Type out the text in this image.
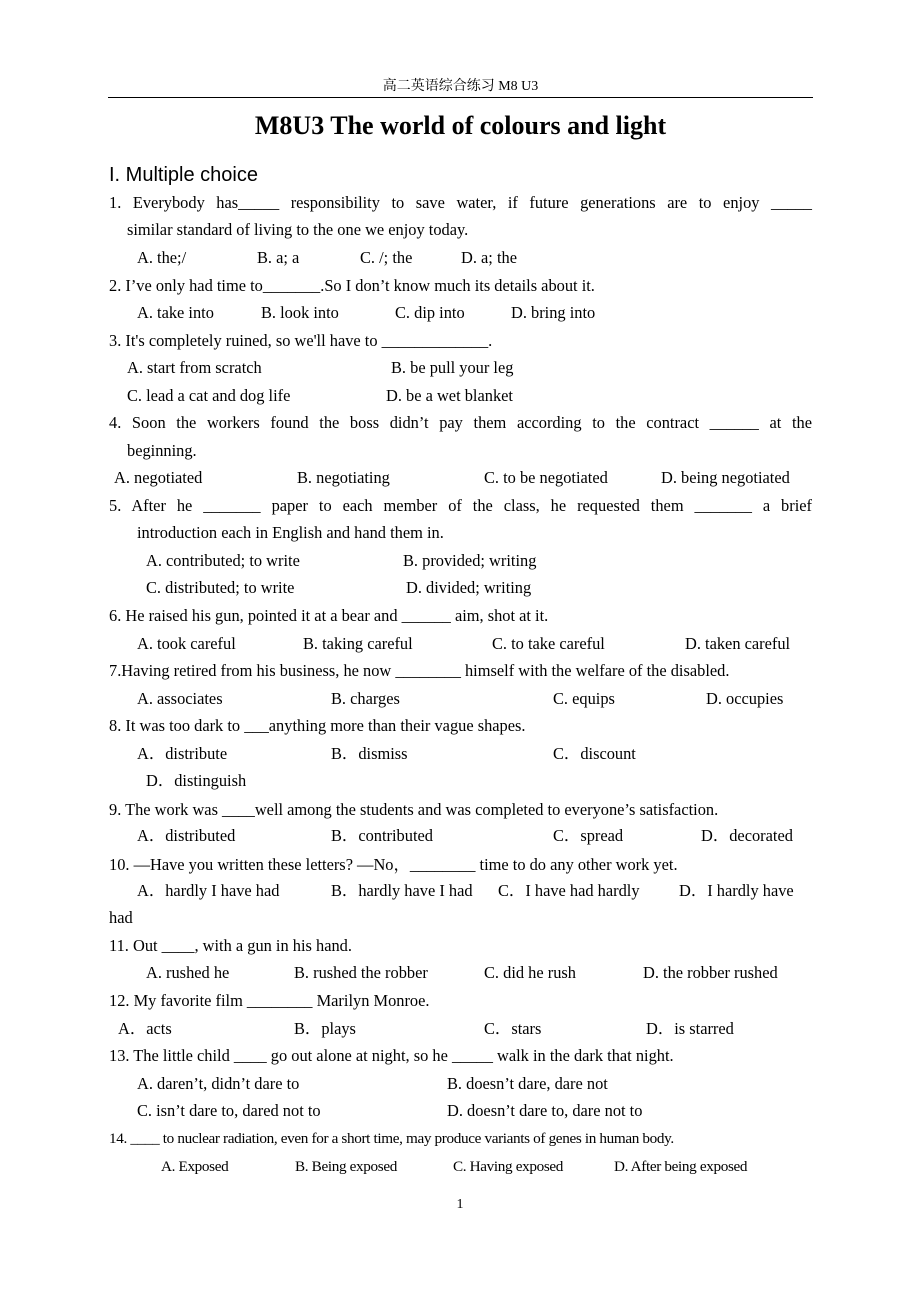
高二英语综合练习 M8 U3
M8U3 The world of colours and light
I. Multiple choice
1. Everybody has_____ responsibility to save water, if future generations are to enjoy _____
similar standard of living to the one we enjoy today.
A. the;/	B. a; a	C. /; the	D. a; the
2. I’ve only had time to_______.So I don’t know much its details about it.
A. take into	B. look into	C. dip into	D. bring into
3. It's completely ruined, so we'll have to _____________.
A. start from scratch	B. be pull your leg
C. lead a cat and dog life	D. be a wet blanket
4. Soon the workers found the boss didn’t pay them according to the contract ______ at the
beginning.
A. negotiated	B. negotiating	C. to be negotiated	D. being negotiated
5. After he _______ paper to each member of the class, he requested them _______ a brief
introduction each in English and hand them in.
A. contributed; to write	B. provided; writing
C. distributed; to write	D. divided; writing
6. He raised his gun, pointed it at a bear and ______ aim, shot at it.
A. took careful	B. taking careful	C. to take careful	D. taken careful
7.Having retired from his business, he now ________ himself with the welfare of the disabled.
A. associates	B. charges	C. equips	D. occupies
8. It was too dark to ___anything more than their vague shapes.
A．distribute	B．dismiss	C．discount
D．distinguish
9. The work was ____well among the students and was completed to everyone’s satisfaction.
A．distributed	B．contributed	C．spread	D．decorated
10. —Have you written these letters? —No，________ time to do any other work yet.
A．hardly I have had	B．hardly have I had C．I have had hardly D．I hardly have
had
11. Out ____, with a gun in his hand.
A. rushed he	B. rushed the robber	C. did he rush	D. the robber rushed
12. My favorite film ________ Marilyn Monroe.
A．acts	B．plays	C．stars	D．is starred
13. The little child ____ go out alone at night, so he _____ walk in the dark that night.
A. daren’t, didn’t dare to	B. doesn’t dare, dare not
C. isn’t dare to, dared not to	D. doesn’t dare to, dare not to
14. ____ to nuclear radiation, even for a short time, may produce variants of genes in human body.
A. Exposed	B. Being exposed	C. Having exposed	D. After being exposed
1
